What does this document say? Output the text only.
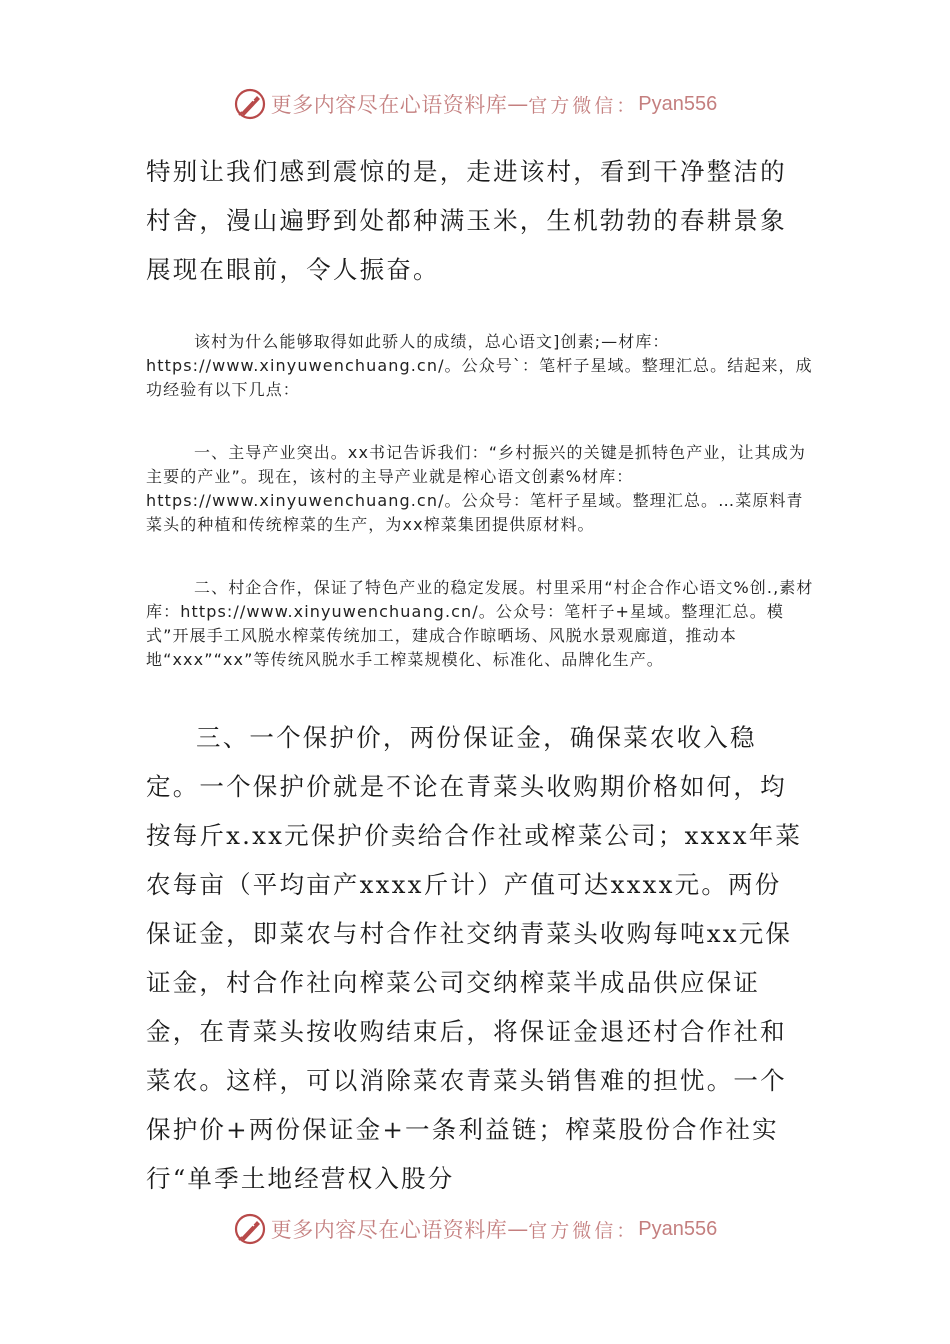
更多内容尽在心语资料库 — 官方微信： Pyan556

特别让我们感到震惊的是，走进该村，看到干净整洁的村舍，漫山遍野到处都种满玉米，生机勃勃的春耕景象展现在眼前，令人振奋。

该村为什么能够取得如此骄人的成绩，总心语文]创素;—材库：https://www.xinyuwenchuang.cn/。公众号`：笔杆子星域。整理汇总。结起来，成功经验有以下几点：

一、主导产业突出。xx书记告诉我们：“乡村振兴的关键是抓特色产业，让其成为主要的产业”。现在，该村的主导产业就是榨心语文创素%材库：https://www.xinyuwenchuang.cn/。公众号：笔杆子星域。整理汇总。…菜原料青菜头的种植和传统榨菜的生产，为xx榨菜集团提供原材料。

二、村企合作，保证了特色产业的稳定发展。村里采用“村企合作心语文%创.,素材库：https://www.xinyuwenchuang.cn/。公众号：笔杆子+星域。整理汇总。模式”开展手工风脱水榨菜传统加工，建成合作晾晒场、风脱水景观廊道，推动本地“xxx”“xx”等传统风脱水手工榨菜规模化、标准化、品牌化生产。

三、一个保护价，两份保证金，确保菜农收入稳定。一个保护价就是不论在青菜头收购期价格如何，均按每斤x.xx元保护价卖给合作社或榨菜公司；xxxx年菜农每亩（平均亩产xxxx斤计）产值可达xxxx元。两份保证金，即菜农与村合作社交纳青菜头收购每吨xx元保证金，村合作社向榨菜公司交纳榨菜半成品供应保证金，在青菜头按收购结束后，将保证金退还村合作社和菜农。这样，可以消除菜农青菜头销售难的担忧。一个保护价+两份保证金+一条利益链；榨菜股份合作社实行“单季土地经营权入股分

更多内容尽在心语资料库 — 官方微信： Pyan556
